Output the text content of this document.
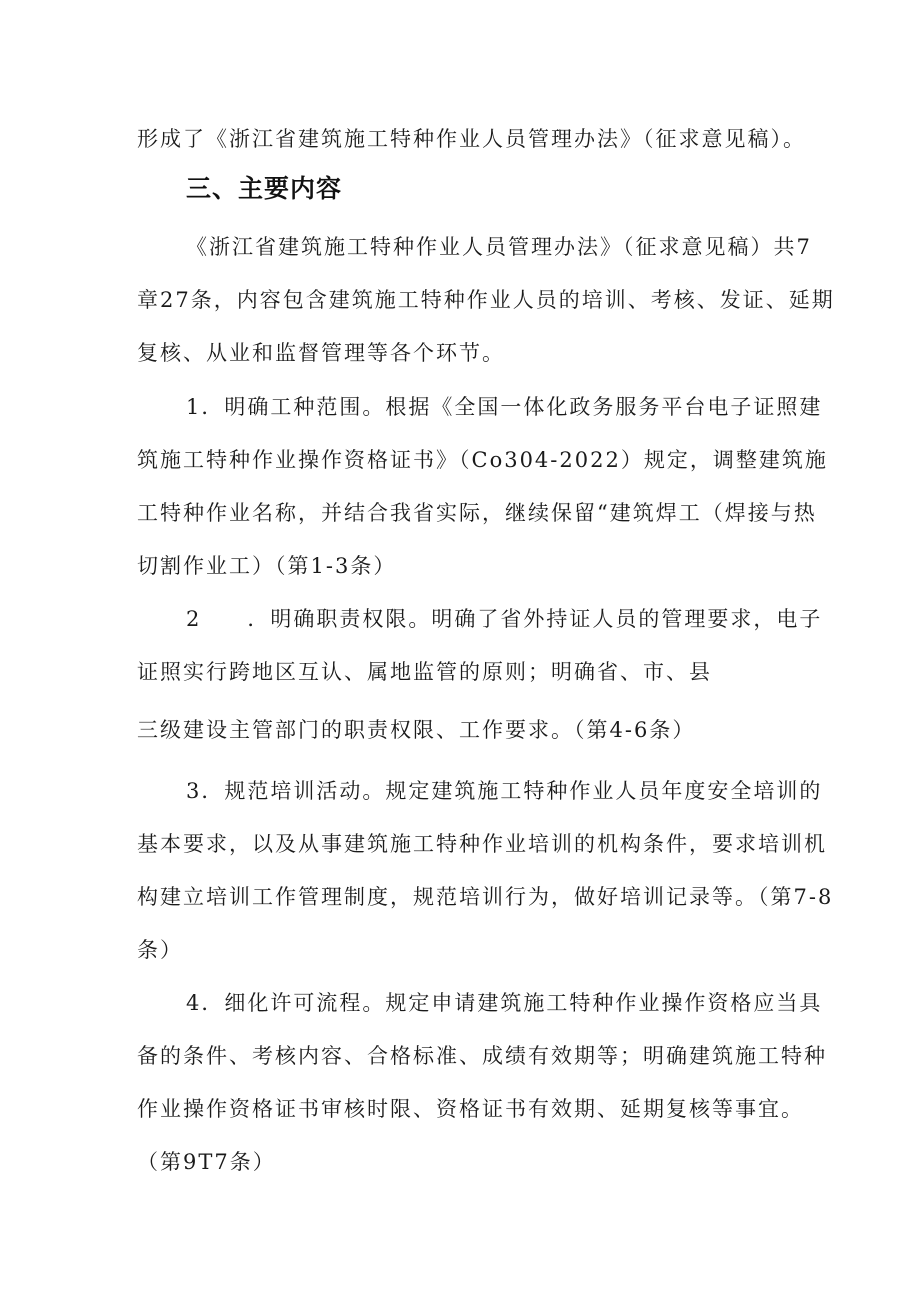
形成了《浙江省建筑施工特种作业人员管理办法》（征求意见稿）。
三、主要内容
《浙江省建筑施工特种作业人员管理办法》（征求意见稿）共7
章27条，内容包含建筑施工特种作业人员的培训、考核、发证、延期
复核、从业和监督管理等各个环节。
1．明确工种范围。根据《全国一体化政务服务平台电子证照建
筑施工特种作业操作资格证书》（Co304-2022）规定，调整建筑施
工特种作业名称，并结合我省实际，继续保留“建筑焊工（焊接与热
切割作业工）（第1-3条）
2　　．明确职责权限。明确了省外持证人员的管理要求，电子
证照实行跨地区互认、属地监管的原则；明确省、市、县
三级建设主管部门的职责权限、工作要求。（第4-6条）
3．规范培训活动。规定建筑施工特种作业人员年度安全培训的
基本要求，以及从事建筑施工特种作业培训的机构条件，要求培训机
构建立培训工作管理制度，规范培训行为，做好培训记录等。（第7-8
条）
4．细化许可流程。规定申请建筑施工特种作业操作资格应当具
备的条件、考核内容、合格标准、成绩有效期等；明确建筑施工特种
作业操作资格证书审核时限、资格证书有效期、延期复核等事宜。
（第9T7条）
